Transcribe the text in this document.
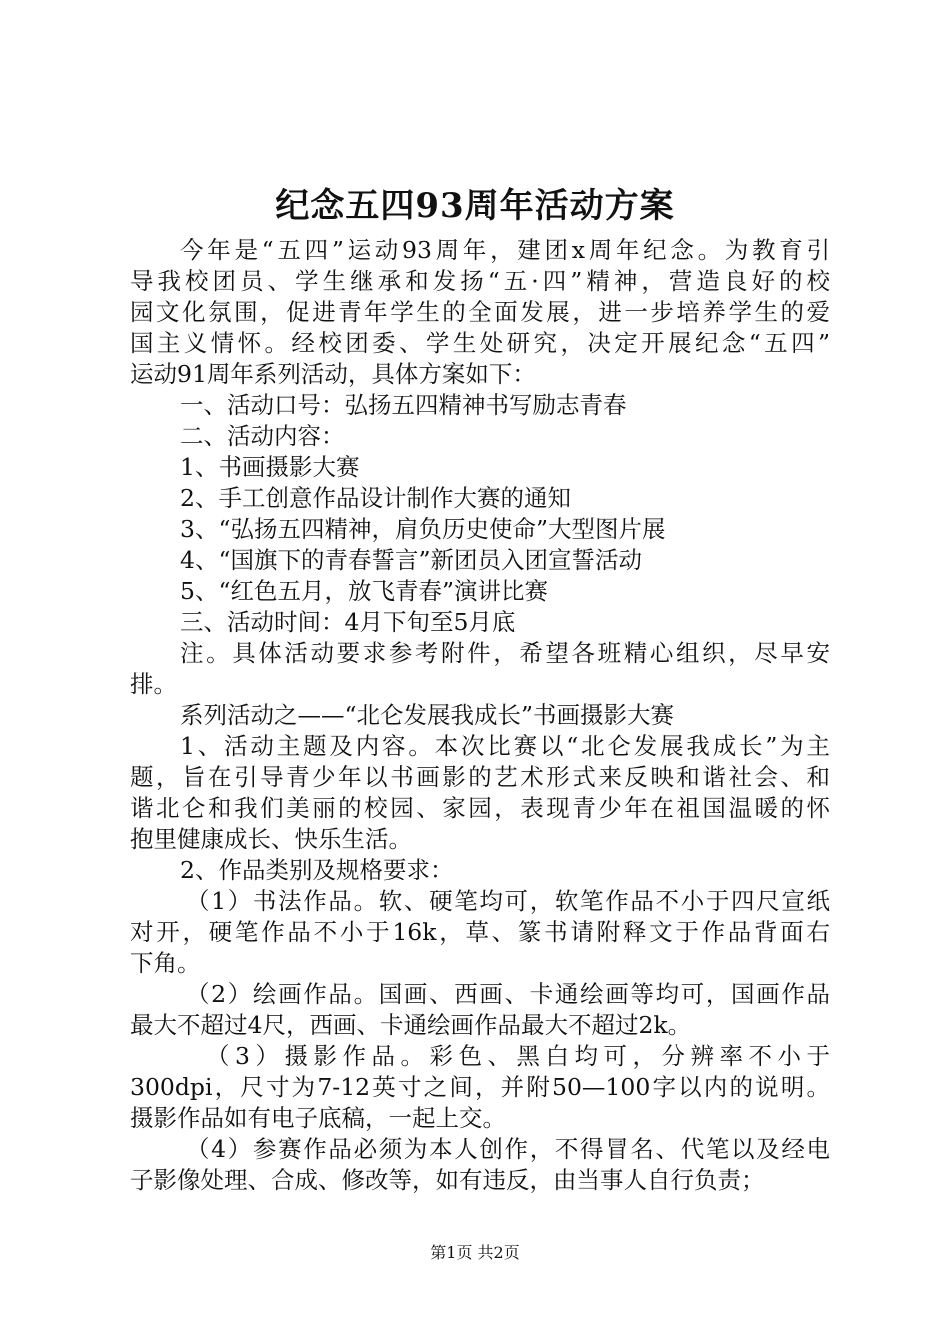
纪念五四93周年活动方案

今年是“五四”运动93周年，建团x周年纪念。为教育引

导我校团员、学生继承和发扬“五·四”精神，营造良好的校

园文化氛围，促进青年学生的全面发展，进一步培养学生的爱

国主义情怀。经校团委、学生处研究，决定开展纪念“五四”

运动91周年系列活动，具体方案如下：

一、活动口号：弘扬五四精神书写励志青春

二、活动内容：

1、书画摄影大赛

2、手工创意作品设计制作大赛的通知

3、“弘扬五四精神，肩负历史使命”大型图片展

4、“国旗下的青春誓言”新团员入团宣誓活动

5、“红色五月，放飞青春”演讲比赛

三、活动时间：4月下旬至5月底

注。具体活动要求参考附件，希望各班精心组织，尽早安

排。

系列活动之——“北仑发展我成长”书画摄影大赛

1、活动主题及内容。本次比赛以“北仑发展我成长”为主

题，旨在引导青少年以书画影的艺术形式来反映和谐社会、和

谐北仑和我们美丽的校园、家园，表现青少年在祖国温暖的怀

抱里健康成长、快乐生活。

2、作品类别及规格要求：

（1）书法作品。软、硬笔均可，软笔作品不小于四尺宣纸

对开，硬笔作品不小于16k，草、篆书请附释文于作品背面右

下角。

（2）绘画作品。国画、西画、卡通绘画等均可，国画作品

最大不超过4尺，西画、卡通绘画作品最大不超过2k。

（3）摄影作品。彩色、黑白均可，分辨率不小于

300dpi，尺寸为7-12英寸之间，并附50—100字以内的说明。

摄影作品如有电子底稿，一起上交。

（4）参赛作品必须为本人创作，不得冒名、代笔以及经电

子影像处理、合成、修改等，如有违反，由当事人自行负责；

第1页 共2页
